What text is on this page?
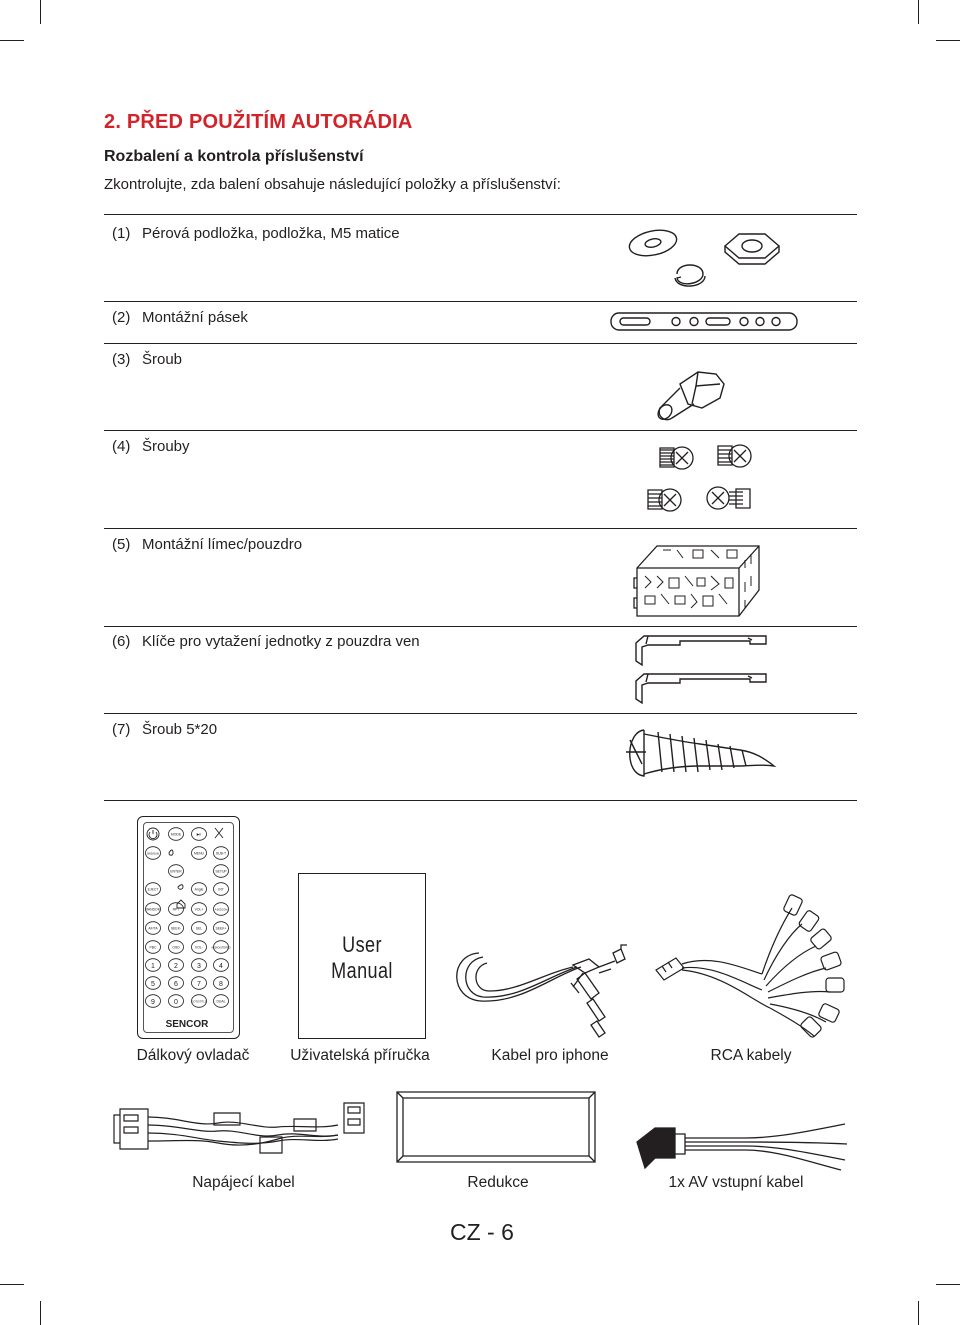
2. PŘED POUŽITÍM AUTORÁDIA
Rozbalení a kontrola příslušenství
Zkontrolujte, zda balení obsahuje následující položky a příslušenství:
(1) Pérová podložka, podložka, M5 matice
(2) Montážní pásek
(3) Šroub
(4) Šrouby
(5) Montážní límec/pouzdro
(6) Klíče pro vytažení jednotky z pouzdra ven
(7) Šroub 5*20
MODE	▶II
BND/SUB	MENU	SUB-T
ENTER	SETUP
EJECT	Angle	INT
RANDOM	RPT	VOL+	A-B/ZOOM
AF/TA	SEEK-	SEL	SEEK+
PBC	OSD	VOL-	AUDIO/STEREO
1	2	3	4
5	6	7	8
9	0	GOTO/TITLE	DUAL
SENCOR
User Manual
Dálkový ovladač	Uživatelská příručka	Kabel pro iphone	RCA kabely
Napájecí kabel	Redukce	1x AV vstupní kabel
CZ - 6
